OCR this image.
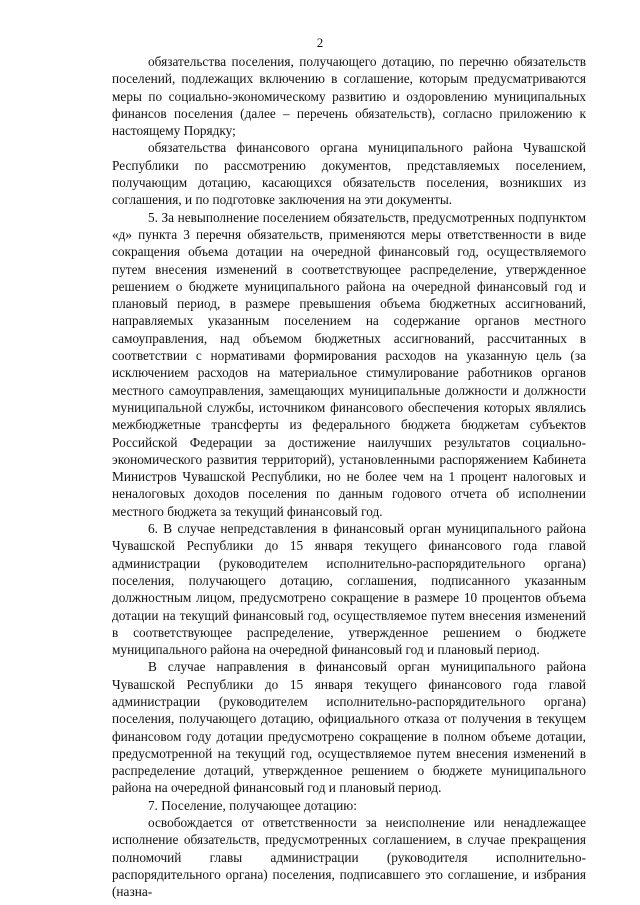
2

обязательства поселения, получающего дотацию, по перечню обязательств поселений, подлежащих включению в соглашение, которым предусматриваются меры по социально-экономическому развитию и оздоровлению муниципальных финансов поселения (далее – перечень обязательств), согласно приложению к настоящему Порядку;

обязательства финансового органа муниципального района Чувашской Республики по рассмотрению документов, представляемых поселением, получающим дотацию, касающихся обязательств поселения, возникших из соглашения, и по подготовке заключения на эти документы.

5. За невыполнение поселением обязательств, предусмотренных подпунктом «д» пункта 3 перечня обязательств, применяются меры ответственности в виде сокращения объема дотации на очередной финансовый год, осуществляемого путем внесения изменений в соответствующее распределение, утвержденное решением о бюджете муниципального района на очередной финансовый год и плановый период, в размере превышения объема бюджетных ассигнований, направляемых указанным поселением на содержание органов местного самоуправления, над объемом бюджетных ассигнований, рассчитанных в соответствии с нормативами формирования расходов на указанную цель (за исключением расходов на материальное стимулирование работников органов местного самоуправления, замещающих муниципальные должности и должности муниципальной службы, источником финансового обеспечения которых являлись межбюджетные трансферты из федерального бюджета бюджетам субъектов Российской Федерации за достижение наилучших результатов социально-экономического развития территорий), установленными распоряжением Кабинета Министров Чувашской Республики, но не более чем на 1 процент налоговых и неналоговых доходов поселения по данным годового отчета об исполнении местного бюджета за текущий финансовый год.

6. В случае непредставления в финансовый орган муниципального района Чувашской Республики до 15 января текущего финансового года главой администрации (руководителем исполнительно-распорядительного органа) поселения, получающего дотацию, соглашения, подписанного указанным должностным лицом, предусмотрено сокращение в размере 10 процентов объема дотации на текущий финансовый год, осуществляемое путем внесения изменений в соответствующее распределение, утвержденное решением о бюджете муниципального района на очередной финансовый год и плановый период.

В случае направления в финансовый орган муниципального района Чувашской Республики до 15 января текущего финансового года главой администрации (руководителем исполнительно-распорядительного органа) поселения, получающего дотацию, официального отказа от получения в текущем финансовом году дотации предусмотрено сокращение в полном объеме дотации, предусмотренной на текущий год, осуществляемое путем внесения изменений в распределение дотаций, утвержденное решением о бюджете муниципального района на очередной финансовый год и плановый период.

7. Поселение, получающее дотацию:

освобождается от ответственности за неисполнение или ненадлежащее исполнение обязательств, предусмотренных соглашением, в случае прекращения полномочий главы администрации (руководителя исполнительно-распорядительного органа) поселения, подписавшего это соглашение, и избрания (назна-
